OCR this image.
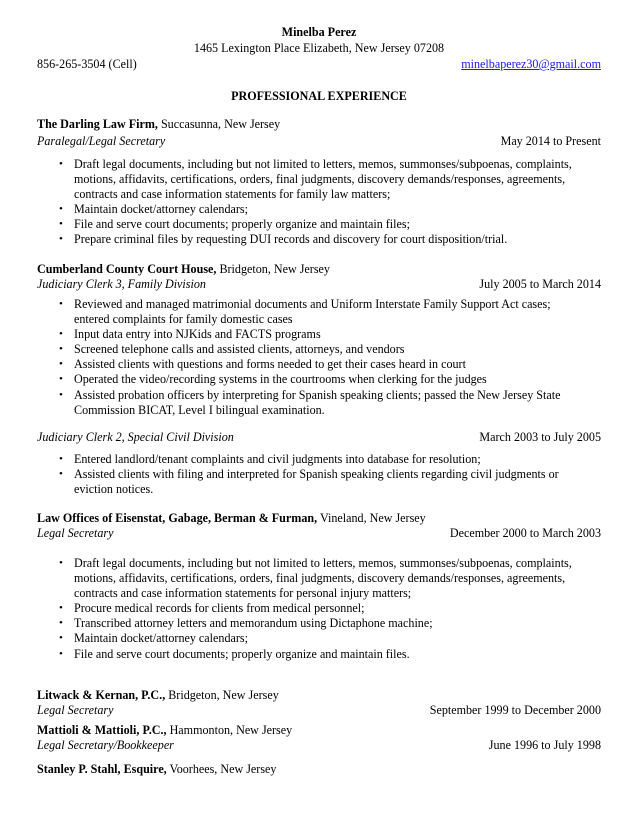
Minelba Perez
1465 Lexington Place Elizabeth, New Jersey 07208
856-265-3504 (Cell)	minelbaperez30@gmail.com
PROFESSIONAL EXPERIENCE
The Darling Law Firm, Succasunna, New Jersey
Paralegal/Legal Secretary	May 2014 to Present
• Draft legal documents, including but not limited to letters, memos, summonses/subpoenas, complaints,
motions, affidavits, certifications, orders, final judgments, discovery demands/responses, agreements,
contracts and case information statements for family law matters;
• Maintain docket/attorney calendars;
• File and serve court documents; properly organize and maintain files;
• Prepare criminal files by requesting DUI records and discovery for court disposition/trial.
Cumberland County Court House, Bridgeton, New Jersey
Judiciary Clerk 3, Family Division	July 2005 to March 2014
• Reviewed and managed matrimonial documents and Uniform Interstate Family Support Act cases;
entered complaints for family domestic cases
• Input data entry into NJKids and FACTS programs
• Screened telephone calls and assisted clients, attorneys, and vendors
• Assisted clients with questions and forms needed to get their cases heard in court
• Operated the video/recording systems in the courtrooms when clerking for the judges
• Assisted probation officers by interpreting for Spanish speaking clients; passed the New Jersey State
Commission BICAT, Level I bilingual examination.
Judiciary Clerk 2, Special Civil Division	March 2003 to July 2005
• Entered landlord/tenant complaints and civil judgments into database for resolution;
• Assisted clients with filing and interpreted for Spanish speaking clients regarding civil judgments or
eviction notices.
Law Offices of Eisenstat, Gabage, Berman & Furman, Vineland, New Jersey
Legal Secretary	December 2000 to March 2003
• Draft legal documents, including but not limited to letters, memos, summonses/subpoenas, complaints,
motions, affidavits, certifications, orders, final judgments, discovery demands/responses, agreements,
contracts and case information statements for personal injury matters;
• Procure medical records for clients from medical personnel;
• Transcribed attorney letters and memorandum using Dictaphone machine;
• Maintain docket/attorney calendars;
• File and serve court documents; properly organize and maintain files.
Litwack & Kernan, P.C., Bridgeton, New Jersey
Legal Secretary	September 1999 to December 2000
Mattioli & Mattioli, P.C., Hammonton, New Jersey
Legal Secretary/Bookkeeper	June 1996 to July 1998
Stanley P. Stahl, Esquire, Voorhees, New Jersey
